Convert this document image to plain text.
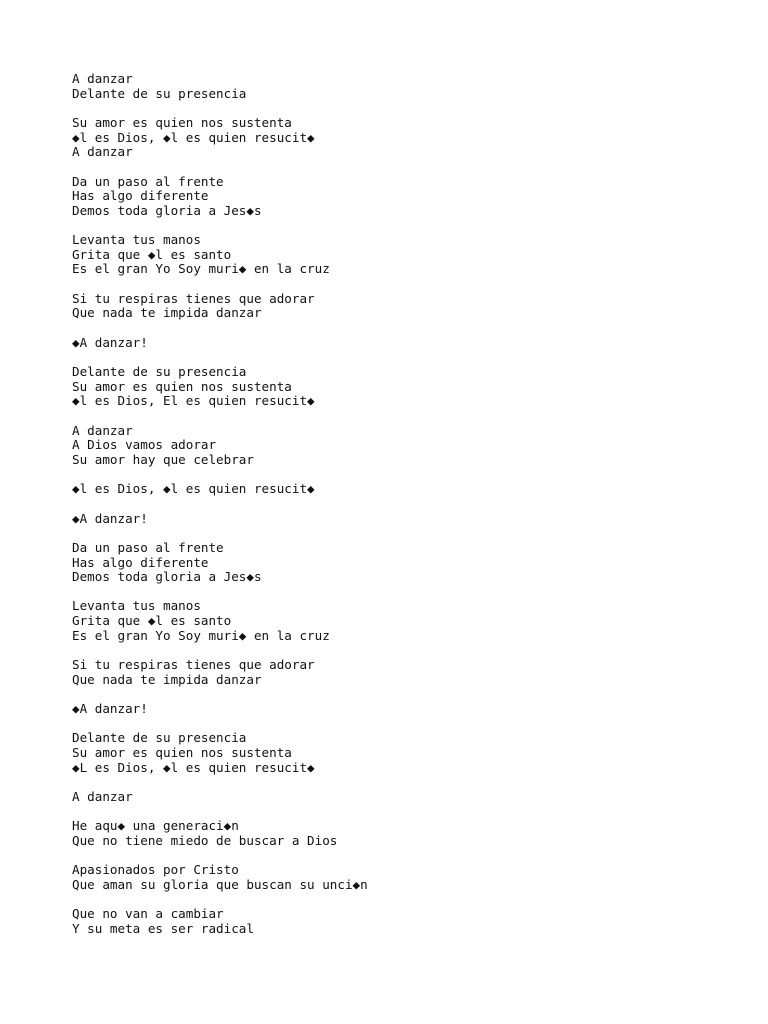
A danzar
Delante de su presencia
Su amor es quien nos sustenta
◆l es Dios, ◆l es quien resucit◆
A danzar
Da un paso al frente
Has algo diferente
Demos toda gloria a Jes◆s
Levanta tus manos
Grita que ◆l es santo
Es el gran Yo Soy muri◆ en la cruz
Si tu respiras tienes que adorar
Que nada te impida danzar
◆A danzar!
Delante de su presencia
Su amor es quien nos sustenta
◆l es Dios, El es quien resucit◆
A danzar
A Dios vamos adorar
Su amor hay que celebrar
◆l es Dios, ◆l es quien resucit◆
◆A danzar!
Da un paso al frente
Has algo diferente
Demos toda gloria a Jes◆s
Levanta tus manos
Grita que ◆l es santo
Es el gran Yo Soy muri◆ en la cruz
Si tu respiras tienes que adorar
Que nada te impida danzar
◆A danzar!
Delante de su presencia
Su amor es quien nos sustenta
◆L es Dios, ◆l es quien resucit◆
A danzar
He aqu◆ una generaci◆n
Que no tiene miedo de buscar a Dios
Apasionados por Cristo
Que aman su gloria que buscan su unci◆n
Que no van a cambiar
Y su meta es ser radical
